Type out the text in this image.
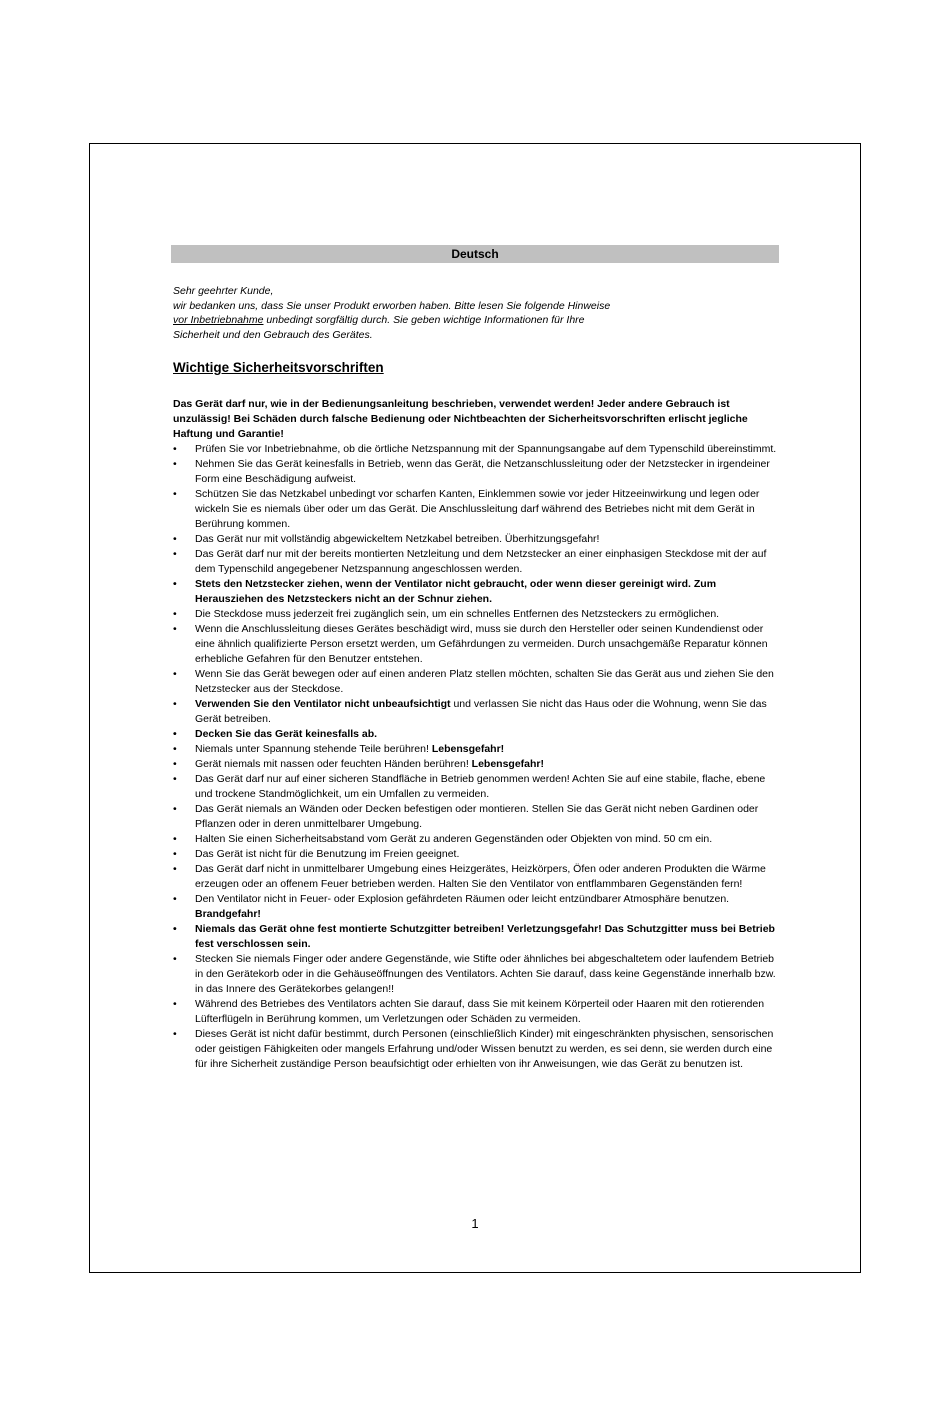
Deutsch
Sehr geehrter Kunde,
wir bedanken uns, dass Sie unser Produkt erworben haben. Bitte lesen Sie folgende Hinweise
vor Inbetriebnahme unbedingt sorgfältig durch. Sie geben wichtige Informationen für Ihre
Sicherheit und den Gebrauch des Gerätes.
Wichtige Sicherheitsvorschriften

Das Gerät darf nur, wie in der Bedienungsanleitung beschrieben, verwendet werden! Jeder andere Gebrauch ist unzulässig! Bei Schäden durch falsche Bedienung oder Nichtbeachten der Sicherheitsvorschriften erlischt jegliche Haftung und Garantie!

• Prüfen Sie vor Inbetriebnahme, ob die örtliche Netzspannung mit der Spannungsangabe auf dem Typenschild übereinstimmt.
• Nehmen Sie das Gerät keinesfalls in Betrieb, wenn das Gerät, die Netzanschlussleitung oder der Netzstecker in irgendeiner Form eine Beschädigung aufweist.
• Schützen Sie das Netzkabel unbedingt vor scharfen Kanten, Einklemmen sowie vor jeder Hitzeeinwirkung und legen oder wickeln Sie es niemals über oder um das Gerät. Die Anschlussleitung darf während des Betriebes nicht mit dem Gerät in Berührung kommen.
• Das Gerät nur mit vollständig abgewickeltem Netzkabel betreiben. Überhitzungsgefahr!
• Das Gerät darf nur mit der bereits montierten Netzleitung und dem Netzstecker an einer einphasigen Steckdose mit der auf dem Typenschild angegebener Netzspannung angeschlossen werden.
• Stets den Netzstecker ziehen, wenn der Ventilator nicht gebraucht, oder wenn dieser gereinigt wird. Zum Herausziehen des Netzsteckers nicht an der Schnur ziehen.
• Die Steckdose muss jederzeit frei zugänglich sein, um ein schnelles Entfernen des Netzsteckers zu ermöglichen.
• Wenn die Anschlussleitung dieses Gerätes beschädigt wird, muss sie durch den Hersteller oder seinen Kundendienst oder eine ähnlich qualifizierte Person ersetzt werden, um Gefährdungen zu vermeiden. Durch unsachgemäße Reparatur können erhebliche Gefahren für den Benutzer entstehen.
• Wenn Sie das Gerät bewegen oder auf einen anderen Platz stellen möchten, schalten Sie das Gerät aus und ziehen Sie den Netzstecker aus der Steckdose.
• Verwenden Sie den Ventilator nicht unbeaufsichtigt und verlassen Sie nicht das Haus oder die Wohnung, wenn Sie das Gerät betreiben.
• Decken Sie das Gerät keinesfalls ab.
• Niemals unter Spannung stehende Teile berühren! Lebensgefahr!
• Gerät niemals mit nassen oder feuchten Händen berühren! Lebensgefahr!
• Das Gerät darf nur auf einer sicheren Standfläche in Betrieb genommen werden! Achten Sie auf eine stabile, flache, ebene und trockene Standmöglichkeit, um ein Umfallen zu vermeiden.
• Das Gerät niemals an Wänden oder Decken befestigen oder montieren. Stellen Sie das Gerät nicht neben Gardinen oder Pflanzen oder in deren unmittelbarer Umgebung.
• Halten Sie einen Sicherheitsabstand vom Gerät zu anderen Gegenständen oder Objekten von mind. 50 cm ein.
• Das Gerät ist nicht für die Benutzung im Freien geeignet.
• Das Gerät darf nicht in unmittelbarer Umgebung eines Heizgerätes, Heizkörpers, Öfen oder anderen Produkten die Wärme erzeugen oder an offenem Feuer betrieben werden. Halten Sie den Ventilator von entflammbaren Gegenständen fern!
• Den Ventilator nicht in Feuer- oder Explosion gefährdeten Räumen oder leicht entzündbarer Atmosphäre benutzen. Brandgefahr!
• Niemals das Gerät ohne fest montierte Schutzgitter betreiben! Verletzungsgefahr! Das Schutzgitter muss bei Betrieb fest verschlossen sein.
• Stecken Sie niemals Finger oder andere Gegenstände, wie Stifte oder ähnliches bei abgeschaltetem oder laufendem Betrieb in den Gerätekorb oder in die Gehäuseöffnungen des Ventilators. Achten Sie darauf, dass keine Gegenstände innerhalb bzw. in das Innere des Gerätekorbes gelangen!!
• Während des Betriebes des Ventilators achten Sie darauf, dass Sie mit keinem Körperteil oder Haaren mit den rotierenden Lüfterflügeln in Berührung kommen, um Verletzungen oder Schäden zu vermeiden.
• Dieses Gerät ist nicht dafür bestimmt, durch Personen (einschließlich Kinder) mit eingeschränkten physischen, sensorischen oder geistigen Fähigkeiten oder mangels Erfahrung und/oder Wissen benutzt zu werden, es sei denn, sie werden durch eine für ihre Sicherheit zuständige Person beaufsichtigt oder erhielten von ihr Anweisungen, wie das Gerät zu benutzen ist.
1
